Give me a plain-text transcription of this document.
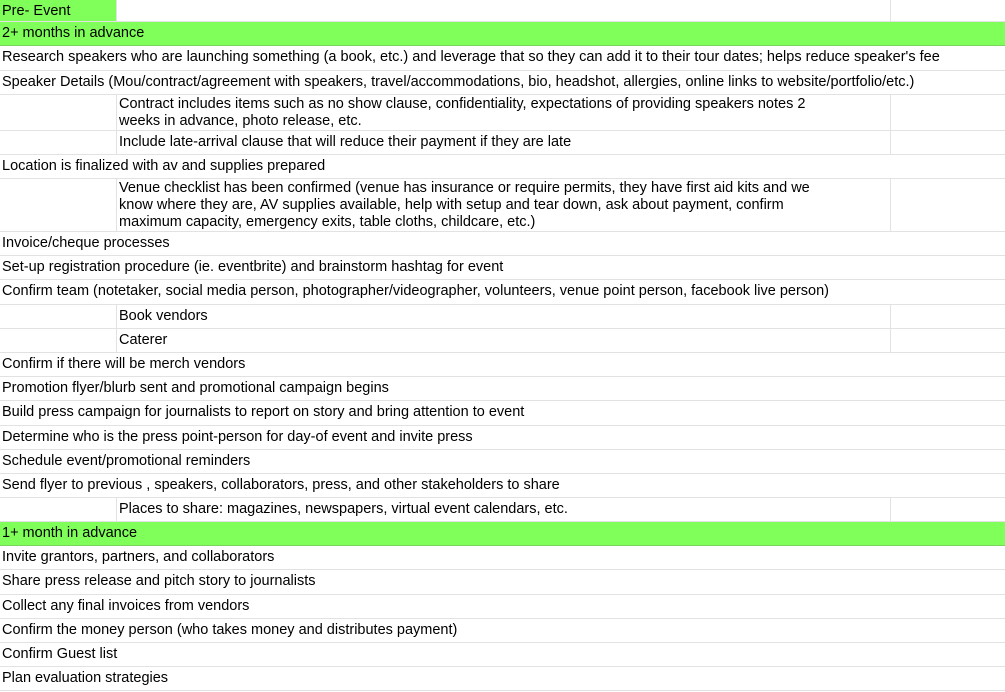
Pre- Event
2+ months in advance
Research speakers who are launching something (a book, etc.) and leverage that so they can add it to their tour dates; helps reduce speaker's fee
Speaker Details (Mou/contract/agreement with speakers, travel/accommodations, bio, headshot, allergies, online links to website/portfolio/etc.)
Contract includes items such as no show clause, confidentiality, expectations of providing speakers notes 2
weeks in advance, photo release, etc.
Include late-arrival clause that will reduce their payment if they are late
Location is finalized with av and supplies prepared
Venue checklist has been confirmed (venue has insurance or require permits, they have first aid kits and we
know where they are, AV supplies available, help with setup and tear down, ask about payment, confirm
maximum capacity, emergency exits, table cloths, childcare, etc.)
Invoice/cheque processes
Set-up registration procedure (ie. eventbrite) and brainstorm hashtag for event
Confirm team (notetaker, social media person, photographer/videographer, volunteers, venue point person, facebook live person)
Book vendors
Caterer
Confirm if there will be merch vendors
Promotion flyer/blurb sent and promotional campaign begins
Build press campaign for journalists to report on story and bring attention to event
Determine who is the press point-person for day-of event and invite press
Schedule event/promotional reminders
Send flyer to previous , speakers, collaborators, press, and other stakeholders to share
Places to share: magazines, newspapers, virtual event calendars, etc.
1+ month in advance
Invite grantors, partners, and collaborators
Share press release and pitch story to journalists
Collect any final invoices from vendors
Confirm the money person (who takes money and distributes payment)
Confirm Guest list
Plan evaluation strategies
